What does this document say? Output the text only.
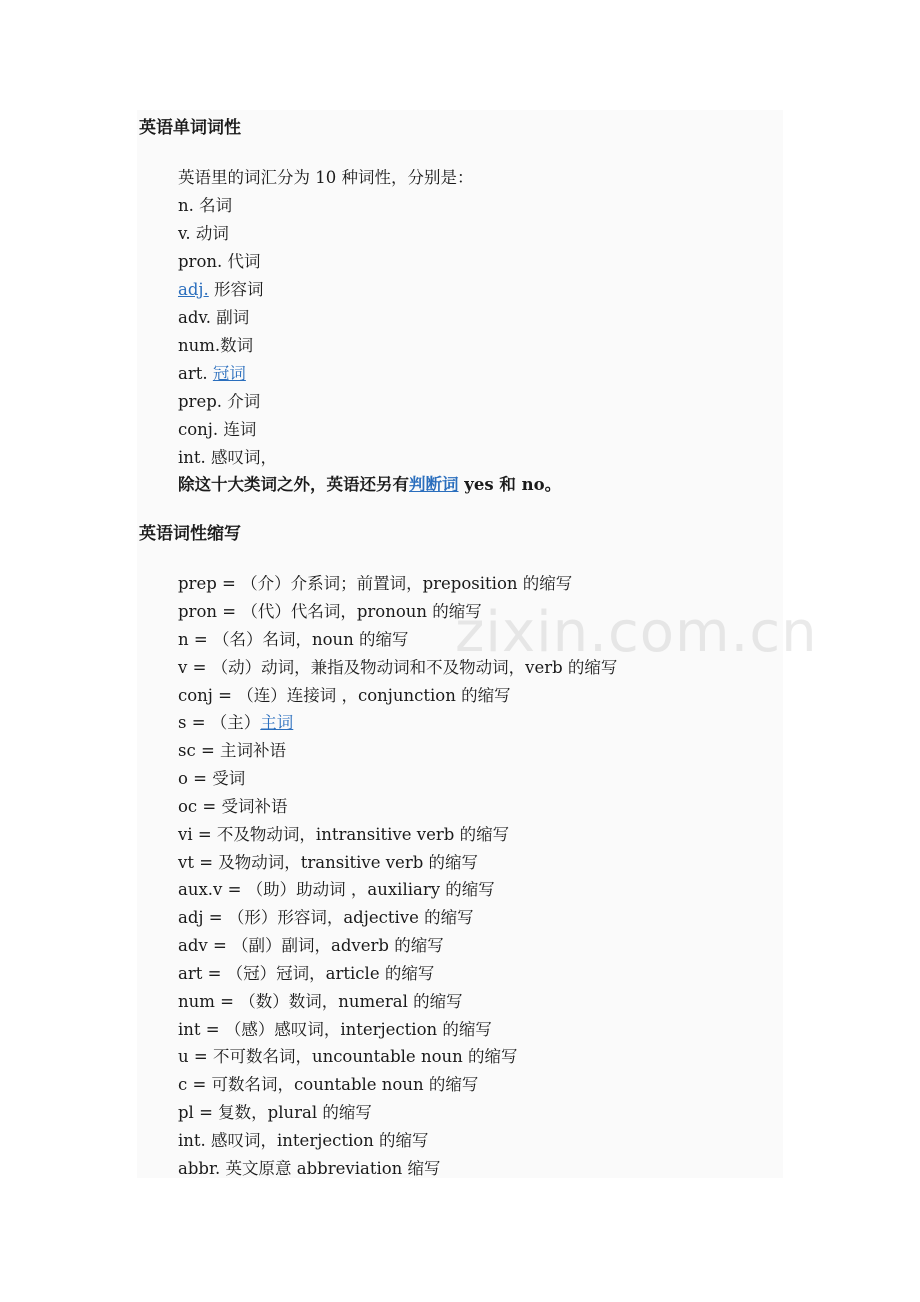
英语单词词性
英语里的词汇分为 10 种词性，分别是：
n. 名词
v. 动词
pron. 代词
adj. 形容词
adv. 副词
num.数词
art. 冠词
prep. 介词
conj. 连词
int. 感叹词，
除这十大类词之外，英语还另有判断词 yes 和 no。
英语词性缩写
prep = （介）介系词；前置词，preposition 的缩写
pron = （代）代名词，pronoun 的缩写
n = （名）名词，noun 的缩写
v = （动）动词，兼指及物动词和不及物动词，verb 的缩写
conj = （连）连接词 ，conjunction 的缩写
s = （主）主词
sc = 主词补语
o = 受词
oc = 受词补语
vi = 不及物动词，intransitive verb 的缩写
vt = 及物动词，transitive verb 的缩写
aux.v = （助）助动词 ，auxiliary 的缩写
adj = （形）形容词，adjective 的缩写
adv = （副）副词，adverb 的缩写
art = （冠）冠词，article 的缩写
num = （数）数词，numeral 的缩写
int = （感）感叹词，interjection 的缩写
u = 不可数名词，uncountable noun 的缩写
c = 可数名词，countable noun 的缩写
pl = 复数，plural 的缩写
int. 感叹词，interjection 的缩写
abbr. 英文原意 abbreviation 缩写
zixin.com.cn
